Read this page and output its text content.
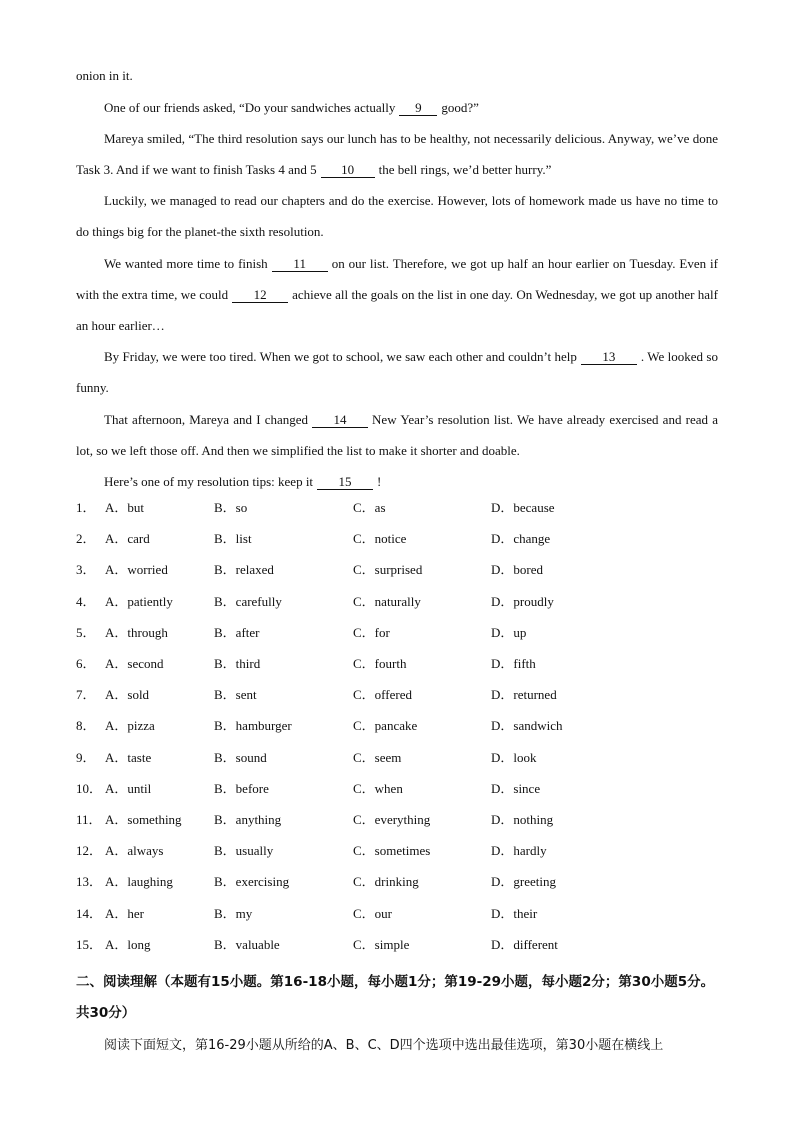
onion in it.
One of our friends asked, “Do your sandwiches actually 9 good?”
Mareya smiled, “The third resolution says our lunch has to be healthy, not necessarily delicious. Anyway, we’ve done Task 3. And if we want to finish Tasks 4 and 5 10 the bell rings, we’d better hurry.”
Luckily, we managed to read our chapters and do the exercise. However, lots of homework made us have no time to do things big for the planet-the sixth resolution.
We wanted more time to finish 11 on our list. Therefore, we got up half an hour earlier on Tuesday. Even if with the extra time, we could 12 achieve all the goals on the list in one day. On Wednesday, we got up another half an hour earlier…
By Friday, we were too tired. When we got to school, we saw each other and couldn’t help 13 . We looked so funny.
That afternoon, Mareya and I changed 14 New Year’s resolution list. We have already exercised and read a lot, so we left those off. And then we simplified the list to make it shorter and doable.
Here’s one of my resolution tips: keep it 15 !
1． A．but	B．so	C．as	D．because
2． A．card	B．list	C．notice	D．change
3． A．worried	B．relaxed	C．surprised	D．bored
4． A．patiently	B．carefully	C．naturally	D．proudly
5． A．through	B．after	C．for	D．up
6． A．second	B．third	C．fourth	D．fifth
7． A．sold	B．sent	C．offered	D．returned
8． A．pizza	B．hamburger	C．pancake	D．sandwich
9． A．taste	B．sound	C．seem	D．look
10． A．until	B．before	C．when	D．since
11． A．something B．anything	C．everything	D．nothing
12． A．always	B．usually	C．sometimes	D．hardly
13． A．laughing	B．exercising	C．drinking	D．greeting
14． A．her	B．my	C．our	D．their
15． A．long	B．valuable	C．simple	D．different
二、阅读理解（本题有15小题。第16-18小题，每小题1分；第19-29小题，每小题2分；第30小题5分。共30分）
阅读下面短文，第16-29小题从所给的A、B、C、D四个选项中选出最佳选项，第30小题在横线上
